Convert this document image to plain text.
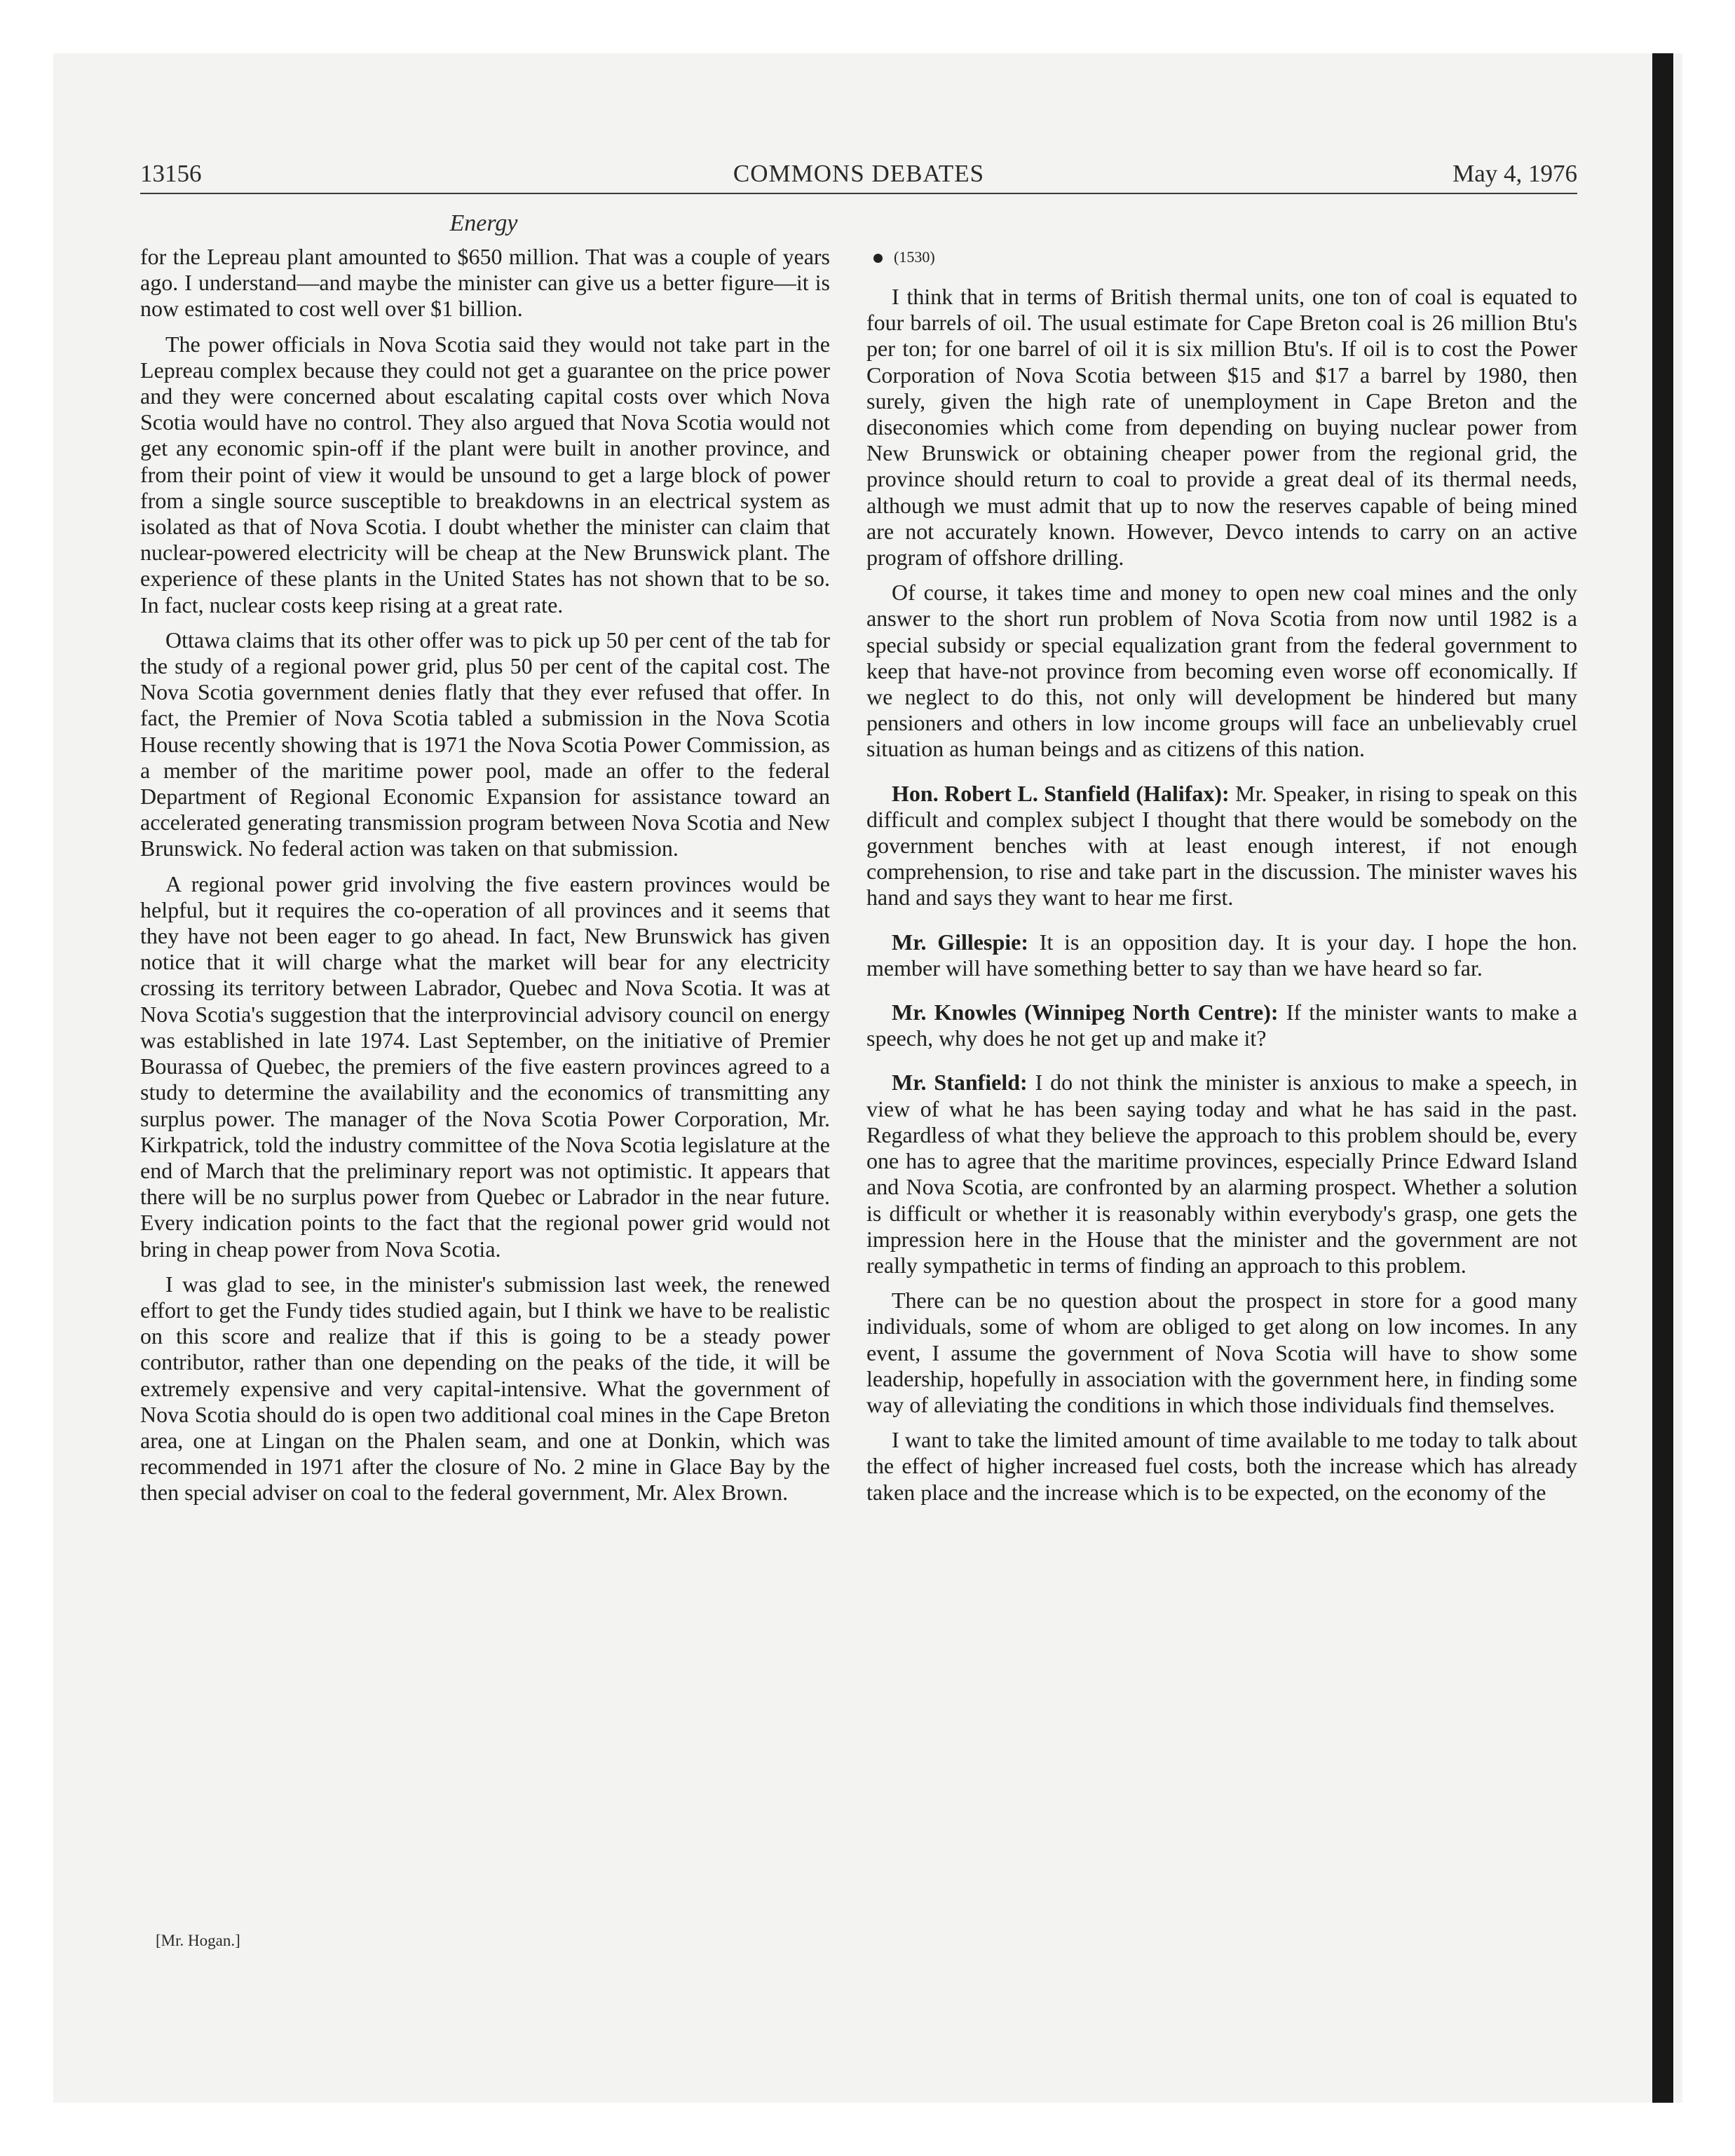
13156	COMMONS DEBATES	May 4, 1976
Energy

for the Lepreau plant amounted to $650 million. That was a couple of years ago. I understand—and maybe the minister can give us a better figure—it is now estimated to cost well over $1 billion.

The power officials in Nova Scotia said they would not take part in the Lepreau complex because they could not get a guarantee on the price power and they were concerned about escalating capital costs over which Nova Scotia would have no control. They also argued that Nova Scotia would not get any economic spin-off if the plant were built in another province, and from their point of view it would be unsound to get a large block of power from a single source susceptible to breakdowns in an electrical system as isolated as that of Nova Scotia. I doubt whether the minister can claim that nuclear-powered electricity will be cheap at the New Brunswick plant. The experience of these plants in the United States has not shown that to be so. In fact, nuclear costs keep rising at a great rate.

Ottawa claims that its other offer was to pick up 50 per cent of the tab for the study of a regional power grid, plus 50 per cent of the capital cost. The Nova Scotia government denies flatly that they ever refused that offer. In fact, the Premier of Nova Scotia tabled a submission in the Nova Scotia House recently showing that is 1971 the Nova Scotia Power Commission, as a member of the maritime power pool, made an offer to the federal Department of Regional Economic Expansion for assistance toward an accelerated generating transmission program between Nova Scotia and New Brunswick. No federal action was taken on that submission.

A regional power grid involving the five eastern provinces would be helpful, but it requires the co-operation of all provinces and it seems that they have not been eager to go ahead. In fact, New Brunswick has given notice that it will charge what the market will bear for any electricity crossing its territory between Labrador, Quebec and Nova Scotia. It was at Nova Scotia's suggestion that the interprovincial advisory council on energy was established in late 1974. Last September, on the initiative of Premier Bourassa of Quebec, the premiers of the five eastern provinces agreed to a study to determine the availability and the economics of transmitting any surplus power. The manager of the Nova Scotia Power Corporation, Mr. Kirkpatrick, told the industry committee of the Nova Scotia legislature at the end of March that the preliminary report was not optimistic. It appears that there will be no surplus power from Quebec or Labrador in the near future. Every indication points to the fact that the regional power grid would not bring in cheap power from Nova Scotia.

I was glad to see, in the minister's submission last week, the renewed effort to get the Fundy tides studied again, but I think we have to be realistic on this score and realize that if this is going to be a steady power contributor, rather than one depending on the peaks of the tide, it will be extremely expensive and very capital-intensive. What the government of Nova Scotia should do is open two additional coal mines in the Cape Breton area, one at Lingan on the Phalen seam, and one at Donkin, which was recommended in 1971 after the closure of No. 2 mine in Glace Bay by the then special adviser on coal to the federal government, Mr. Alex Brown.

[Mr. Hogan.]
(1530)

I think that in terms of British thermal units, one ton of coal is equated to four barrels of oil. The usual estimate for Cape Breton coal is 26 million Btu's per ton; for one barrel of oil it is six million Btu's. If oil is to cost the Power Corporation of Nova Scotia between $15 and $17 a barrel by 1980, then surely, given the high rate of unemployment in Cape Breton and the diseconomies which come from depending on buying nuclear power from New Brunswick or obtaining cheaper power from the regional grid, the province should return to coal to provide a great deal of its thermal needs, although we must admit that up to now the reserves capable of being mined are not accurately known. However, Devco intends to carry on an active program of offshore drilling.

Of course, it takes time and money to open new coal mines and the only answer to the short run problem of Nova Scotia from now until 1982 is a special subsidy or special equalization grant from the federal government to keep that have-not province from becoming even worse off economically. If we neglect to do this, not only will development be hindered but many pensioners and others in low income groups will face an unbelievably cruel situation as human beings and as citizens of this nation.

Hon. Robert L. Stanfield (Halifax): Mr. Speaker, in rising to speak on this difficult and complex subject I thought that there would be somebody on the government benches with at least enough interest, if not enough comprehension, to rise and take part in the discussion. The minister waves his hand and says they want to hear me first.

Mr. Gillespie: It is an opposition day. It is your day. I hope the hon. member will have something better to say than we have heard so far.

Mr. Knowles (Winnipeg North Centre): If the minister wants to make a speech, why does he not get up and make it?

Mr. Stanfield: I do not think the minister is anxious to make a speech, in view of what he has been saying today and what he has said in the past. Regardless of what they believe the approach to this problem should be, every one has to agree that the maritime provinces, especially Prince Edward Island and Nova Scotia, are confronted by an alarming prospect. Whether a solution is difficult or whether it is reasonably within everybody's grasp, one gets the impression here in the House that the minister and the government are not really sympathetic in terms of finding an approach to this problem.

There can be no question about the prospect in store for a good many individuals, some of whom are obliged to get along on low incomes. In any event, I assume the government of Nova Scotia will have to show some leadership, hopefully in association with the government here, in finding some way of alleviating the conditions in which those individuals find themselves.

I want to take the limited amount of time available to me today to talk about the effect of higher increased fuel costs, both the increase which has already taken place and the increase which is to be expected, on the economy of the
